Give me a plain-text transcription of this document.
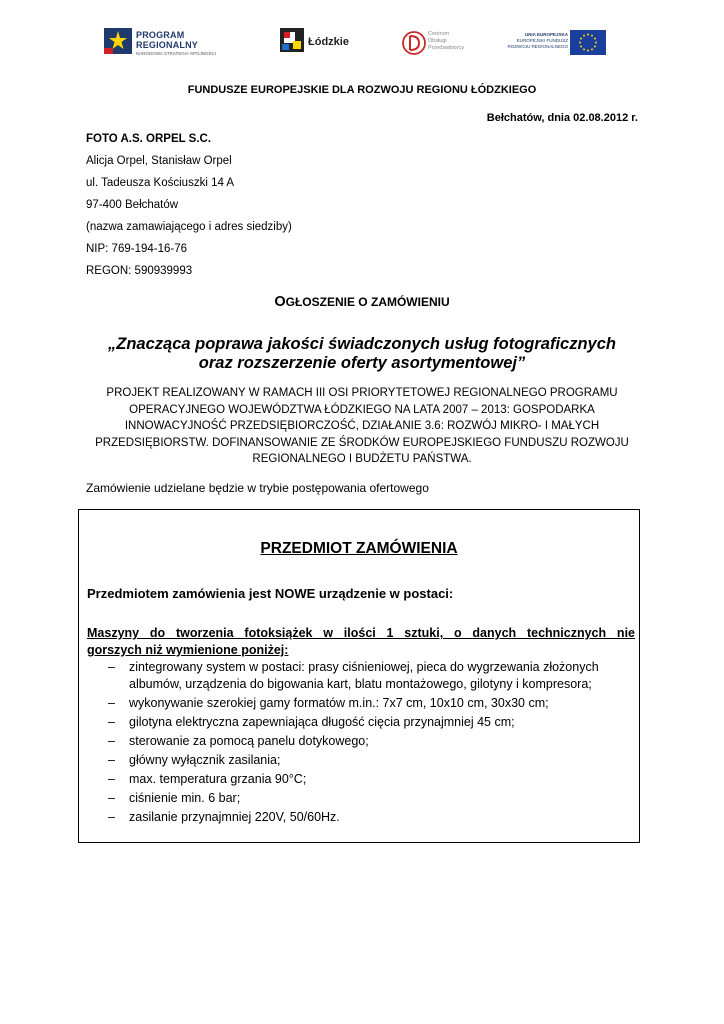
PROGRAM
REGIONALNY
NARODOWA STRATEGIA SPÓJNOŚCI
Łódzkie
Centrum
Obsługi
Przedsiębiorcy
UNIA EUROPEJSKA
EUROPEJSKI FUNDUSZ
ROZWOJU REGIONALNEGO
FUNDUSZE EUROPEJSKIE DLA ROZWOJU REGIONU ŁÓDZKIEGO
Bełchatów, dnia 02.08.2012 r.
FOTO A.S. ORPEL S.C.
Alicja Orpel, Stanisław Orpel
ul. Tadeusza Kościuszki 14 A
97-400 Bełchatów
(nazwa zamawiającego i adres siedziby)
NIP: 769-194-16-76
REGON: 590939993
OGŁOSZENIE O ZAMÓWIENIU
„Znacząca poprawa jakości świadczonych usług fotograficznych
oraz rozszerzenie oferty asortymentowej”
PROJEKT REALIZOWANY W RAMACH III OSI PRIORYTETOWEJ REGIONALNEGO PROGRAMU OPERACYJNEGO WOJEWÓDZTWA ŁÓDZKIEGO NA LATA 2007 – 2013: GOSPODARKA INNOWACYJNOŚĆ PRZEDSIĘBIORCZOŚĆ, DZIAŁANIE 3.6: ROZWÓJ MIKRO- I MAŁYCH PRZEDSIĘBIORSTW. DOFINANSOWANIE ZE ŚRODKÓW EUROPEJSKIEGO FUNDUSZU ROZWOJU REGIONALNEGO I BUDŻETU PAŃSTWA.
Zamówienie udzielane będzie w trybie postępowania ofertowego
PRZEDMIOT ZAMÓWIENIA
Przedmiotem zamówienia jest NOWE urządzenie w postaci:
Maszyny do tworzenia fotoksiążek w ilości 1 sztuki, o danych technicznych nie
gorszych niż wymienione poniżej:
– zintegrowany system w postaci: prasy ciśnieniowej, pieca do wygrzewania złożonych albumów, urządzenia do bigowania kart, blatu montażowego, gilotyny i kompresora;
– wykonywanie szerokiej gamy formatów m.in.: 7x7 cm, 10x10 cm, 30x30 cm;
– gilotyna elektryczna zapewniająca długość cięcia przynajmniej 45 cm;
– sterowanie za pomocą panelu dotykowego;
– główny wyłącznik zasilania;
– max. temperatura grzania 90°C;
– ciśnienie min. 6 bar;
– zasilanie przynajmniej 220V, 50/60Hz.
